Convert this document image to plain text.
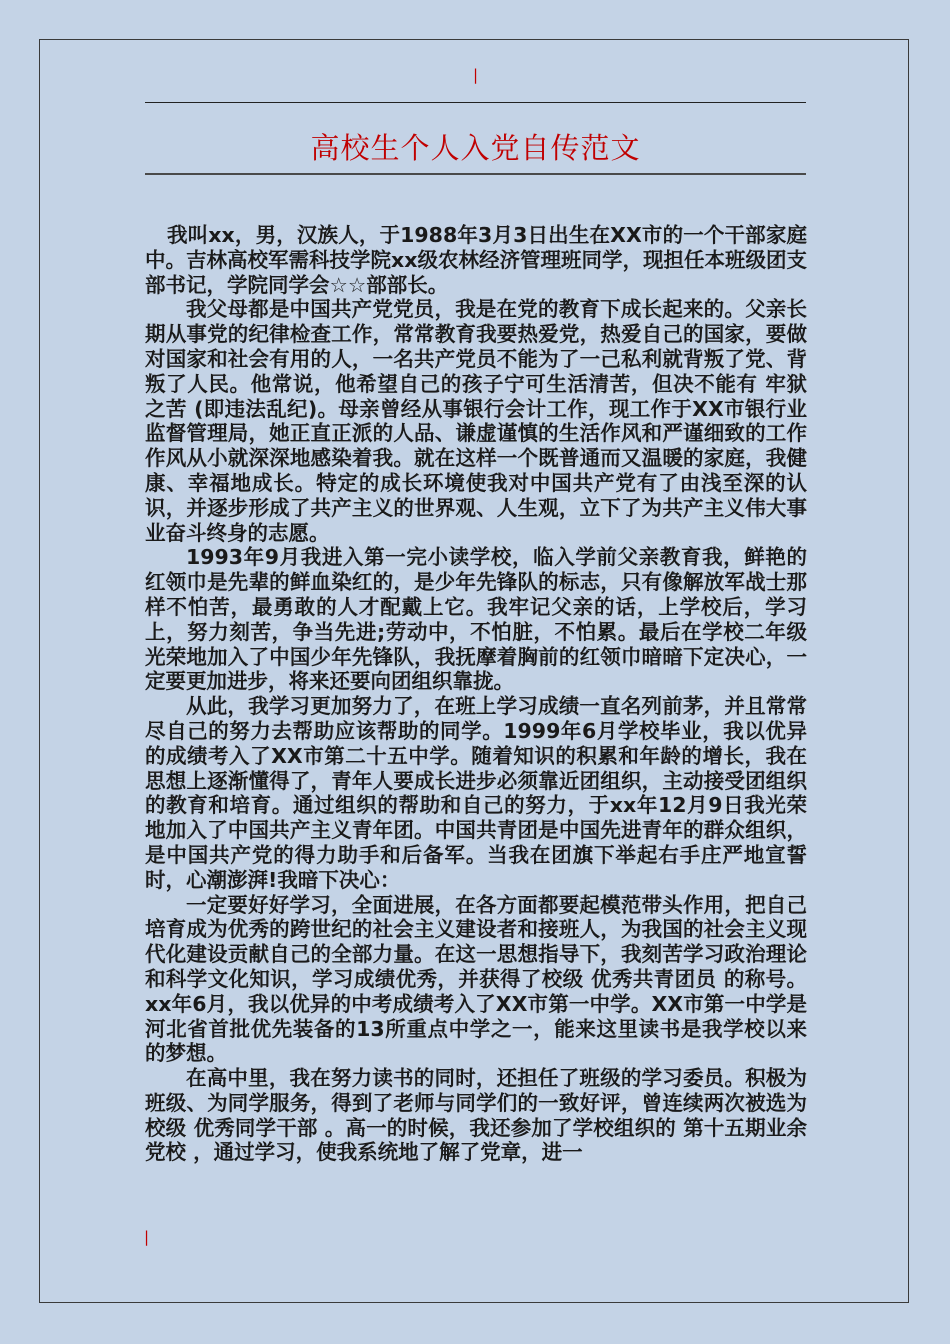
|
高校生个人入党自传范文

我叫xx，男，汉族人，于1988年3月3日出生在XX市的一个干部家庭中。吉林高校军需科技学院xx级农林经济管理班同学，现担任本班级团支部书记，学院同学会☆☆部部长。

我父母都是中国共产党党员，我是在党的教育下成长起来的。父亲长期从事党的纪律检查工作，常常教育我要热爱党，热爱自己的国家，要做对国家和社会有用的人，一名共产党员不能为了一己私利就背叛了党、背叛了人民。他常说，他希望自己的孩子宁可生活清苦，但决不能有 牢狱之苦 (即违法乱纪)。母亲曾经从事银行会计工作，现工作于XX市银行业监督管理局，她正直正派的人品、谦虚谨慎的生活作风和严谨细致的工作作风从小就深深地感染着我。就在这样一个既普通而又温暖的家庭，我健康、幸福地成长。特定的成长环境使我对中国共产党有了由浅至深的认识，并逐步形成了共产主义的世界观、人生观，立下了为共产主义伟大事业奋斗终身的志愿。

1993年9月我进入第一完小读学校，临入学前父亲教育我，鲜艳的红领巾是先辈的鲜血染红的，是少年先锋队的标志，只有像解放军战士那样不怕苦，最勇敢的人才配戴上它。我牢记父亲的话，上学校后，学习上，努力刻苦，争当先进;劳动中，不怕脏，不怕累。最后在学校二年级光荣地加入了中国少年先锋队，我抚摩着胸前的红领巾暗暗下定决心，一定要更加进步，将来还要向团组织靠拢。

从此，我学习更加努力了，在班上学习成绩一直名列前茅，并且常常尽自己的努力去帮助应该帮助的同学。1999年6月学校毕业，我以优异的成绩考入了XX市第二十五中学。随着知识的积累和年龄的增长，我在思想上逐渐懂得了，青年人要成长进步必须靠近团组织，主动接受团组织的教育和培育。通过组织的帮助和自己的努力，于xx年12月9日我光荣地加入了中国共产主义青年团。中国共青团是中国先进青年的群众组织，是中国共产党的得力助手和后备军。当我在团旗下举起右手庄严地宣誓时，心潮澎湃!我暗下决心：

一定要好好学习，全面进展，在各方面都要起模范带头作用，把自己培育成为优秀的跨世纪的社会主义建设者和接班人，为我国的社会主义现代化建设贡献自己的全部力量。在这一思想指导下，我刻苦学习政治理论和科学文化知识，学习成绩优秀，并获得了校级 优秀共青团员 的称号。xx年6月，我以优异的中考成绩考入了XX市第一中学。XX市第一中学是河北省首批优先装备的13所重点中学之一，能来这里读书是我学校以来的梦想。

在高中里，我在努力读书的同时，还担任了班级的学习委员。积极为班级、为同学服务，得到了老师与同学们的一致好评，曾连续两次被选为校级 优秀同学干部 。高一的时候，我还参加了学校组织的 第十五期业余党校 ，通过学习，使我系统地了解了党章，进一

|
